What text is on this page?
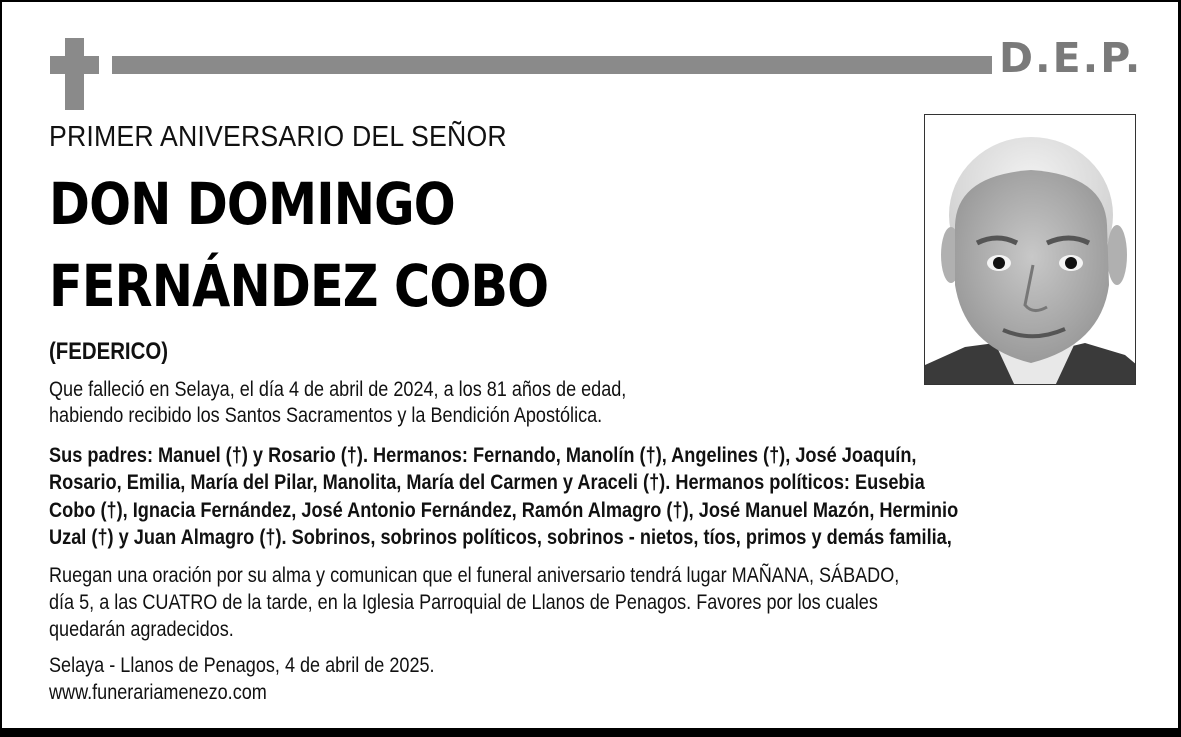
D.E.P.
PRIMER ANIVERSARIO DEL SEÑOR
DON DOMINGO
FERNÁNDEZ COBO
(FEDERICO)
Que falleció en Selaya, el día 4 de abril de 2024, a los 81 años de edad,
habiendo recibido los Santos Sacramentos y la Bendición Apostólica.
Sus padres: Manuel (†) y Rosario (†). Hermanos: Fernando, Manolín (†), Angelines (†), José Joaquín,
Rosario, Emilia, María del Pilar, Manolita, María del Carmen y Araceli (†). Hermanos políticos: Eusebia
Cobo (†), Ignacia Fernández, José Antonio Fernández, Ramón Almagro (†), José Manuel Mazón, Herminio
Uzal (†) y Juan Almagro (†). Sobrinos, sobrinos políticos, sobrinos - nietos, tíos, primos y demás familia,
Ruegan una oración por su alma y comunican que el funeral aniversario tendrá lugar MAÑANA, SÁBADO,
día 5, a las CUATRO de la tarde, en la Iglesia Parroquial de Llanos de Penagos. Favores por los cuales
quedarán agradecidos.
Selaya - Llanos de Penagos, 4 de abril de 2025.
www.funerariamenezo.com
